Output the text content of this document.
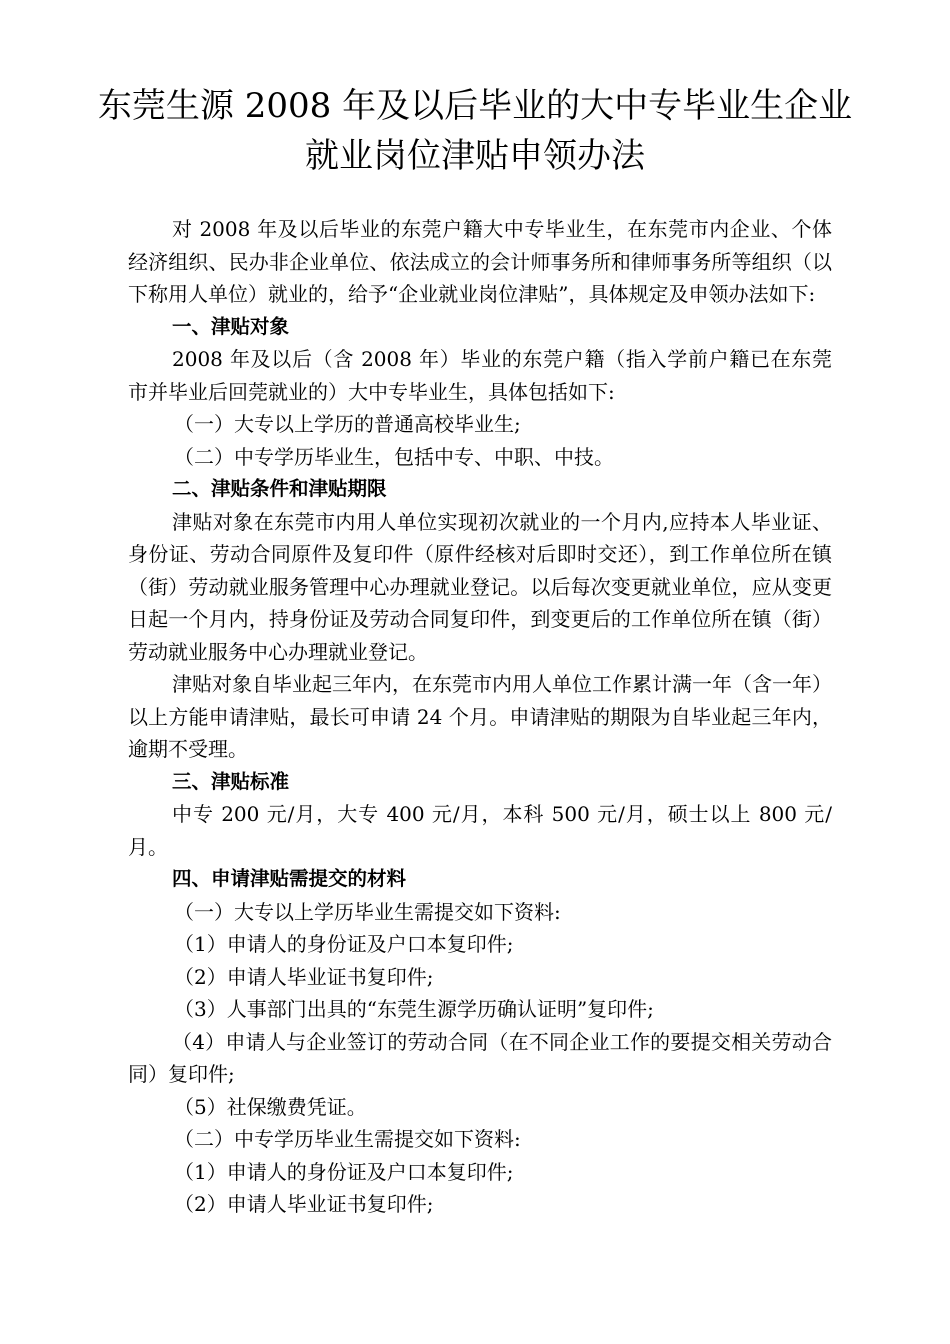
东莞生源 2008 年及以后毕业的大中专毕业生企业
就业岗位津贴申领办法

对 2008 年及以后毕业的东莞户籍大中专毕业生，在东莞市内企业、个体经济组织、民办非企业单位、依法成立的会计师事务所和律师事务所等组织（以下称用人单位）就业的，给予“企业就业岗位津贴”，具体规定及申领办法如下:

一、津贴对象

2008 年及以后（含 2008 年）毕业的东莞户籍（指入学前户籍已在东莞市并毕业后回莞就业的）大中专毕业生，具体包括如下:

（一）大专以上学历的普通高校毕业生;

（二）中专学历毕业生，包括中专、中职、中技。

二、津贴条件和津贴期限

津贴对象在东莞市内用人单位实现初次就业的一个月内,应持本人毕业证、身份证、劳动合同原件及复印件（原件经核对后即时交还），到工作单位所在镇（街）劳动就业服务管理中心办理就业登记。以后每次变更就业单位，应从变更日起一个月内，持身份证及劳动合同复印件，到变更后的工作单位所在镇（街）劳动就业服务中心办理就业登记。

津贴对象自毕业起三年内，在东莞市内用人单位工作累计满一年（含一年）以上方能申请津贴，最长可申请 24 个月。申请津贴的期限为自毕业起三年内，逾期不受理。

三、津贴标准

中专 200 元/月，大专 400 元/月，本科 500 元/月，硕士以上 800 元/月。

四、申请津贴需提交的材料

（一）大专以上学历毕业生需提交如下资料:

（1）申请人的身份证及户口本复印件;

（2）申请人毕业证书复印件;

（3）人事部门出具的“东莞生源学历确认证明”复印件;

（4）申请人与企业签订的劳动合同（在不同企业工作的要提交相关劳动合同）复印件;

（5）社保缴费凭证。

（二）中专学历毕业生需提交如下资料:

（1）申请人的身份证及户口本复印件;

（2）申请人毕业证书复印件;
